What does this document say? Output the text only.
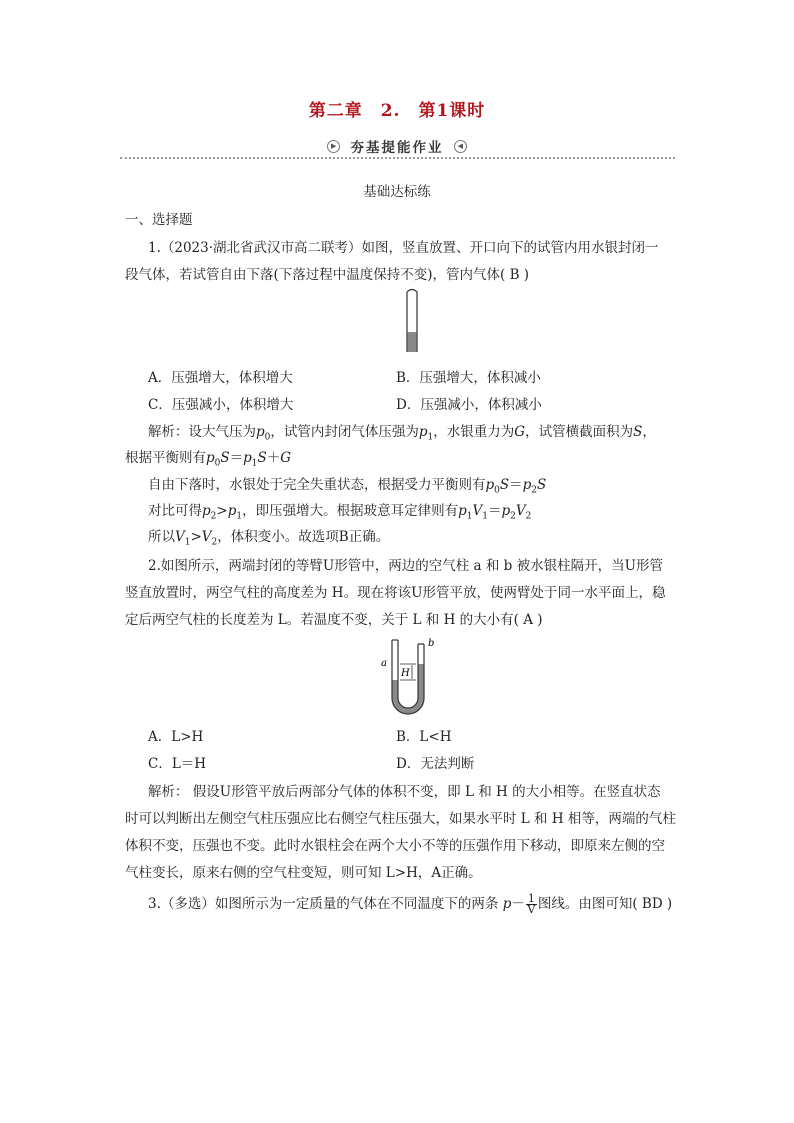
第二章　2.　第1课时
▶ 夯基提能作业 ◀
基础达标练
一、选择题
1.（2023·湖北省武汉市高二联考）如图，竖直放置、开口向下的试管内用水银封闭一
段气体，若试管自由下落(下落过程中温度保持不变)，管内气体( B )
A．压强增大，体积增大	B．压强增大，体积减小
C．压强减小，体积增大	D．压强减小，体积减小
解析：设大气压为$p_0$，试管内封闭气体压强为$p_1$，水银重力为G，试管横截面积为S，
根据平衡则有$p_0S=p_1S+G$
自由下落时，水银处于完全失重状态，根据受力平衡则有$p_0S=p_2S$
对比可得$p_2>p_1$，即压强增大。根据玻意耳定律则有$p_1V_1=p_2V_2$
所以$V_1>V_2$，体积变小。故选项B正确。
2.如图所示，两端封闭的等臂U形管中，两边的空气柱 a 和 b 被水银柱隔开，当U形管
竖直放置时，两空气柱的高度差为 H。现在将该U形管平放，使两臂处于同一水平面上，稳
定后两空气柱的长度差为 L。若温度不变，关于 L 和 H 的大小有( A )
a
b
H
A．L>H	B．L<H
C．L＝H	D．无法判断
解析： 假设U形管平放后两部分气体的体积不变，即 L 和 H 的大小相等。在竖直状态
时可以判断出左侧空气柱压强应比右侧空气柱压强大，如果水平时 L 和 H 相等，两端的气柱
体积不变，压强也不变。此时水银柱会在两个大小不等的压强作用下移动，即原来左侧的空
气柱变长，原来右侧的空气柱变短，则可知 L>H，A正确。
3.（多选）如图所示为一定质量的气体在不同温度下的两条 $p- \frac{1}{V}$ 图线。由图可知( BD )
